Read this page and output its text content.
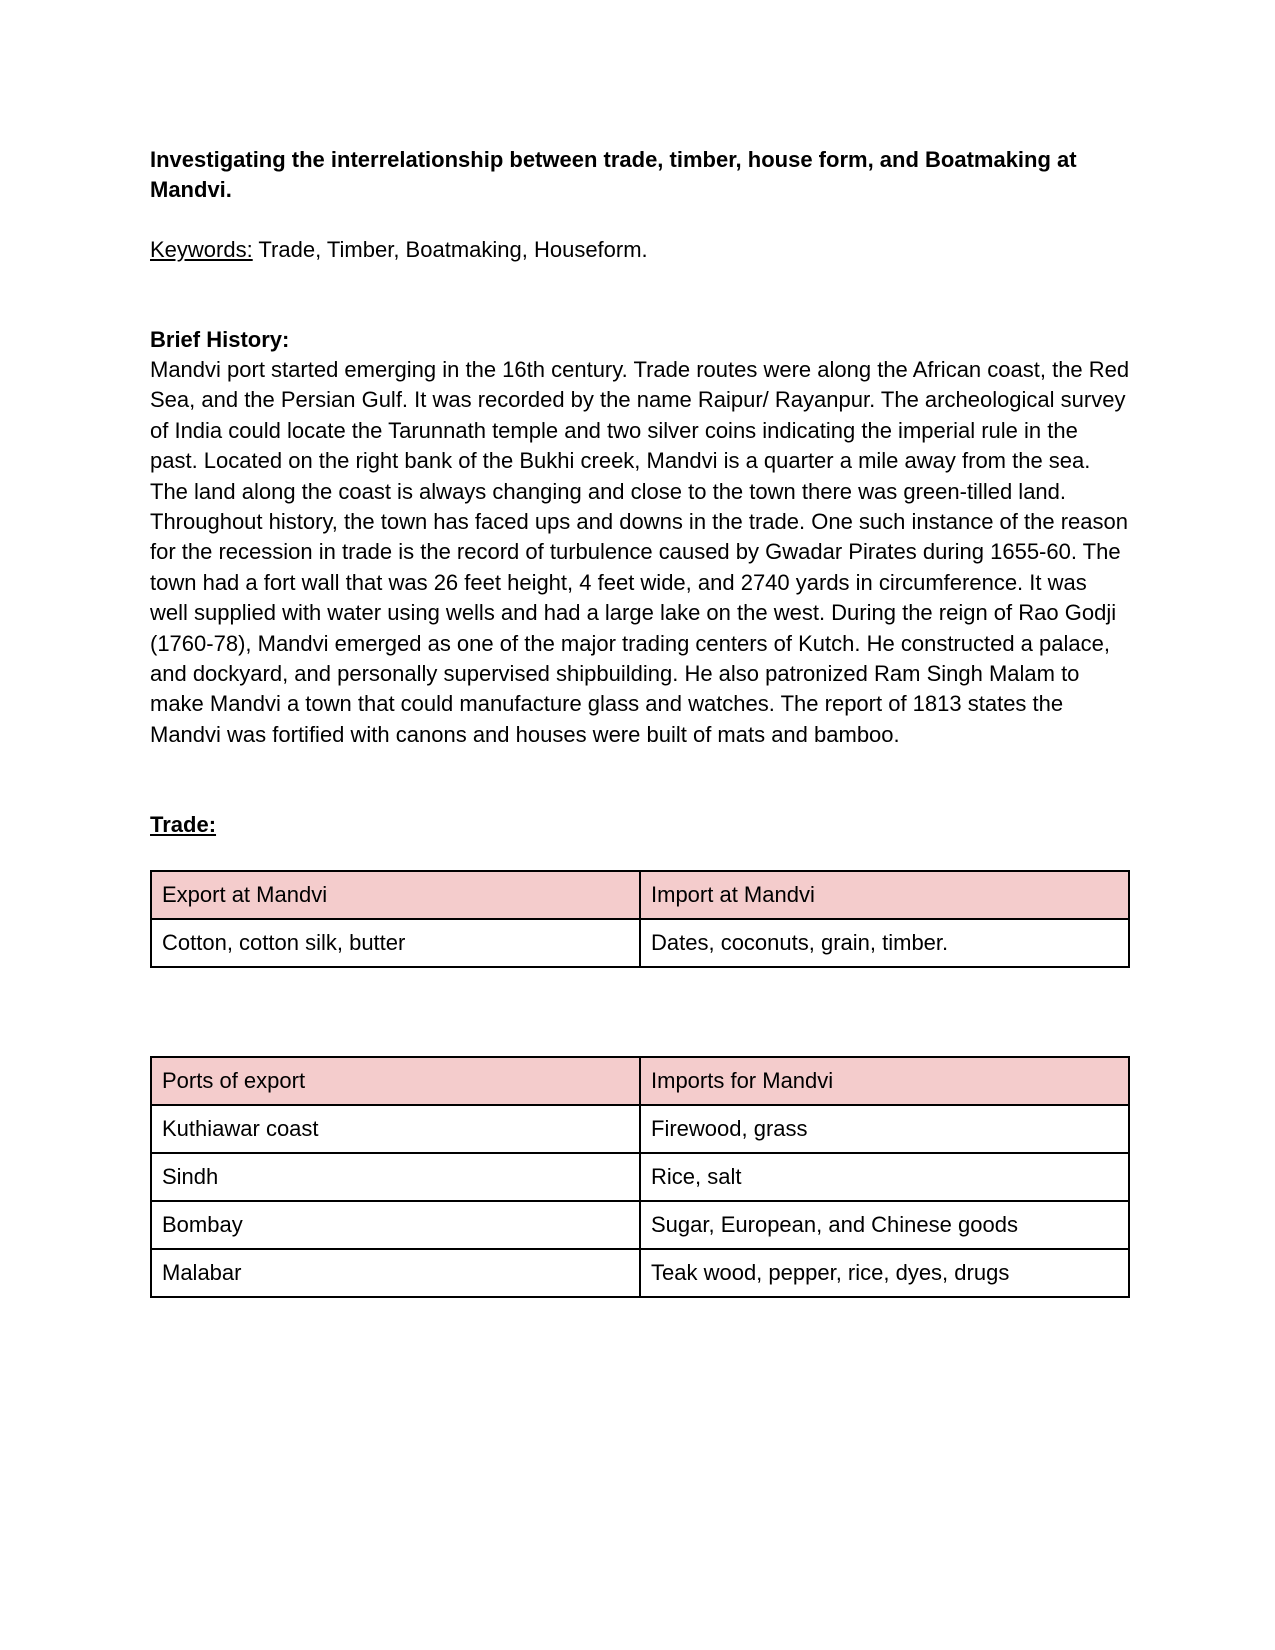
Investigating the interrelationship between trade, timber, house form, and Boatmaking at Mandvi.

Keywords: Trade, Timber, Boatmaking, Houseform.

Brief History:

Mandvi port started emerging in the 16th century. Trade routes were along the African coast, the Red Sea, and the Persian Gulf. It was recorded by the name Raipur/ Rayanpur. The archeological survey of India could locate the Tarunnath temple and two silver coins indicating the imperial rule in the past. Located on the right bank of the Bukhi creek, Mandvi is a quarter a mile away from the sea. The land along the coast is always changing and close to the town there was green-tilled land. Throughout history, the town has faced ups and downs in the trade. One such instance of the reason for the recession in trade is the record of turbulence caused by Gwadar Pirates during 1655-60. The town had a fort wall that was 26 feet height, 4 feet wide, and 2740 yards in circumference. It was well supplied with water using wells and had a large lake on the west. During the reign of Rao Godji (1760-78), Mandvi emerged as one of the major trading centers of Kutch. He constructed a palace, and dockyard, and personally supervised shipbuilding. He also patronized Ram Singh Malam to make Mandvi a town that could manufacture glass and watches. The report of 1813 states the Mandvi was fortified with canons and houses were built of mats and bamboo.

Trade:

Export at Mandvi	Import at Mandvi
Cotton, cotton silk, butter	Dates, coconuts, grain, timber.
Ports of export	Imports for Mandvi
Kuthiawar coast	Firewood, grass
Sindh	Rice, salt
Bombay	Sugar, European, and Chinese goods
Malabar	Teak wood, pepper, rice, dyes, drugs
